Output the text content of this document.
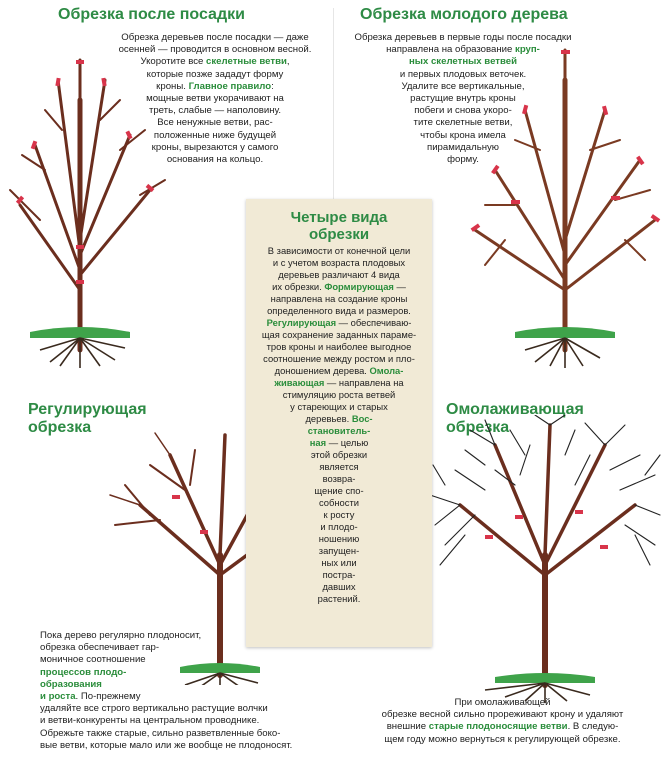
Обрезка после посадки
Обрезка деревьев после посадки — даже
осенней — проводится в основном весной.
Укоротите все скелетные ветви,
которые позже зададут форму
кроны. Главное правило:
мощные ветви укорачивают на
треть, слабые — наполовину.
Все ненужные ветви, рас-
положенные ниже будущей
кроны, вырезаются у самого
основания на кольцо.
Обрезка молодого дерева
Обрезка деревьев в первые годы после посадки
направлена на образование круп-
ных скелетных ветвей
и первых плодовых веточек.
Удалите все вертикальные,
растущие внутрь кроны
побеги и снова укоро-
тите скелетные ветви,
чтобы крона имела
пирамидальную
форму.
Регулирующая
обрезка
Пока дерево регулярно плодоносит,
обрезка обеспечивает гар-
моничное соотношение
процессов плодо-
образования
и роста. По-прежнему
удаляйте все строго вертикально растущие волчки
и ветви-конкуренты на центральном проводнике.
Обрежьте также старые, сильно разветвленные боко-
вые ветви, которые мало или же вообще не плодоносят.
Омолаживающая
обрезка
При омолаживающей
обрезке весной сильно прореживают крону и удаляют
внешние старые плодоносящие ветви. В следую-
щем году можно вернуться к регулирующей обрезке.
Четыре вида
обрезки
В зависимости от конечной цели
и с учетом возраста плодовых
деревьев различают 4 вида
их обрезки. Формирующая —
направлена на создание кроны
определенного вида и размеров.
Регулирующая — обеспечиваю-
щая сохранение заданных параме-
тров кроны и наиболее выгодное
соотношение между ростом и пло-
доношением дерева. Омола-
живающая — направлена на
стимуляцию роста ветвей
у стареющих и старых
деревьев. Вос-
становитель-
ная — целью
этой обрезки
является
возвра-
щение спо-
собности
к росту
и плодо-
ношению
запущен-
ных или
постра-
давших
растений.
